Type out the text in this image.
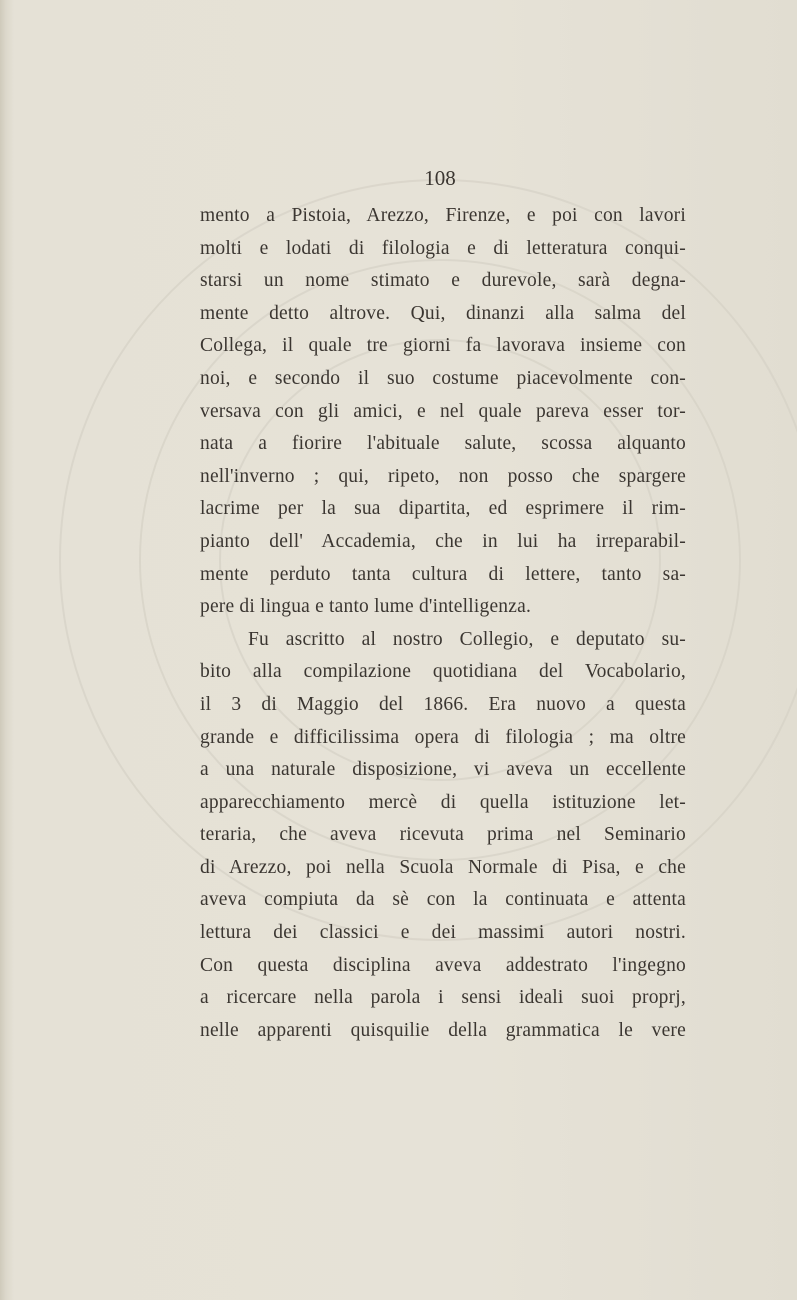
108
mento a Pistoia, Arezzo, Firenze, e poi con lavori
molti e lodati di filologia e di letteratura conqui-
starsi un nome stimato e durevole, sarà degna-
mente detto altrove. Qui, dinanzi alla salma del
Collega, il quale tre giorni fa lavorava insieme con
noi, e secondo il suo costume piacevolmente con-
versava con gli amici, e nel quale pareva esser tor-
nata a fiorire l'abituale salute, scossa alquanto
nell'inverno ; qui, ripeto, non posso che spargere
lacrime per la sua dipartita, ed esprimere il rim-
pianto dell' Accademia, che in lui ha irreparabil-
mente perduto tanta cultura di lettere, tanto sa-
pere di lingua e tanto lume d'intelligenza.
Fu ascritto al nostro Collegio, e deputato su-
bito alla compilazione quotidiana del Vocabolario,
il 3 di Maggio del 1866. Era nuovo a questa
grande e difficilissima opera di filologia ; ma oltre
a una naturale disposizione, vi aveva un eccellente
apparecchiamento mercè di quella istituzione let-
teraria, che aveva ricevuta prima nel Seminario
di Arezzo, poi nella Scuola Normale di Pisa, e che
aveva compiuta da sè con la continuata e attenta
lettura dei classici e dei massimi autori nostri.
Con questa disciplina aveva addestrato l'ingegno
a ricercare nella parola i sensi ideali suoi proprj,
nelle apparenti quisquilie della grammatica le vere
